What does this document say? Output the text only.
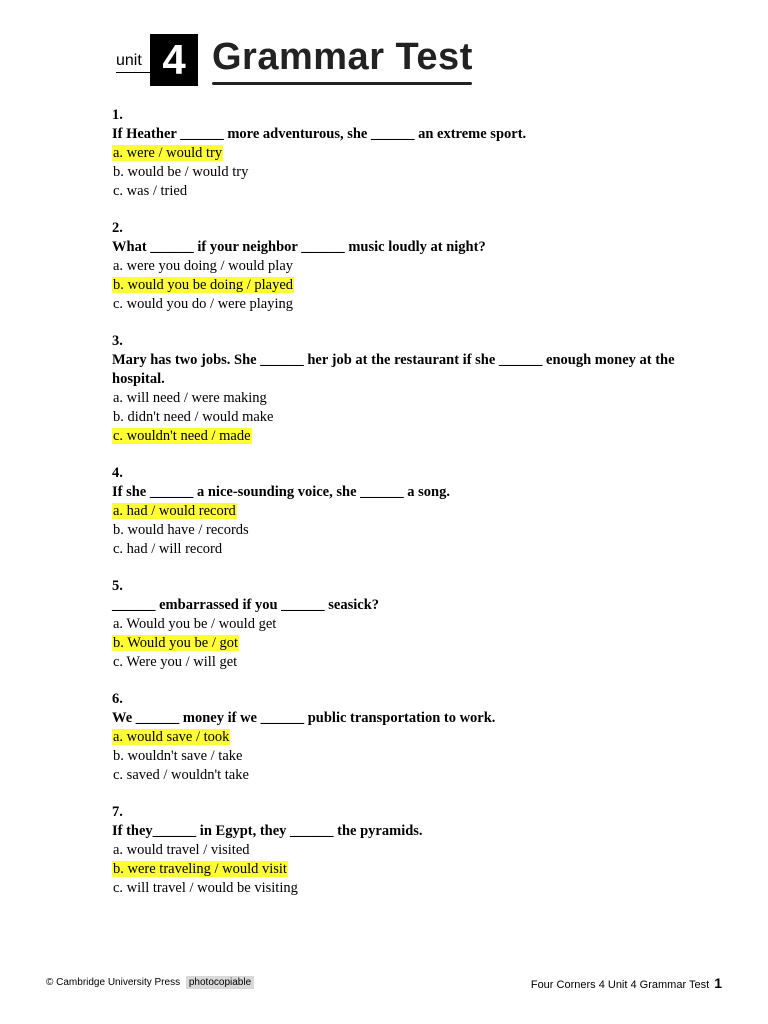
unit 4 Grammar Test
1.
If Heather ______ more adventurous, she ______ an extreme sport.
a. were / would try
b. would be / would try
c. was / tried
2.
What ______ if your neighbor ______ music loudly at night?
a. were you doing / would play
b. would you be doing / played
c. would you do / were playing
3.
Mary has two jobs. She ______ her job at the restaurant if she ______ enough money at the hospital.
a. will need / were making
b. didn't need / would make
c. wouldn't need / made
4.
If she ______ a nice-sounding voice, she ______ a song.
a. had / would record
b. would have / records
c. had / will record
5.
______ embarrassed if you ______ seasick?
a. Would you be / would get
b. Would you be / got
c. Were you / will get
6.
We ______ money if we ______ public transportation to work.
a. would save / took
b. wouldn't save / take
c. saved / wouldn't take
7.
If they______ in Egypt, they ______ the pyramids.
a. would travel / visited
b. were traveling / would visit
c. will travel / would be visiting
© Cambridge University Press photocopiable	Four Corners 4 Unit 4 Grammar Test 1
